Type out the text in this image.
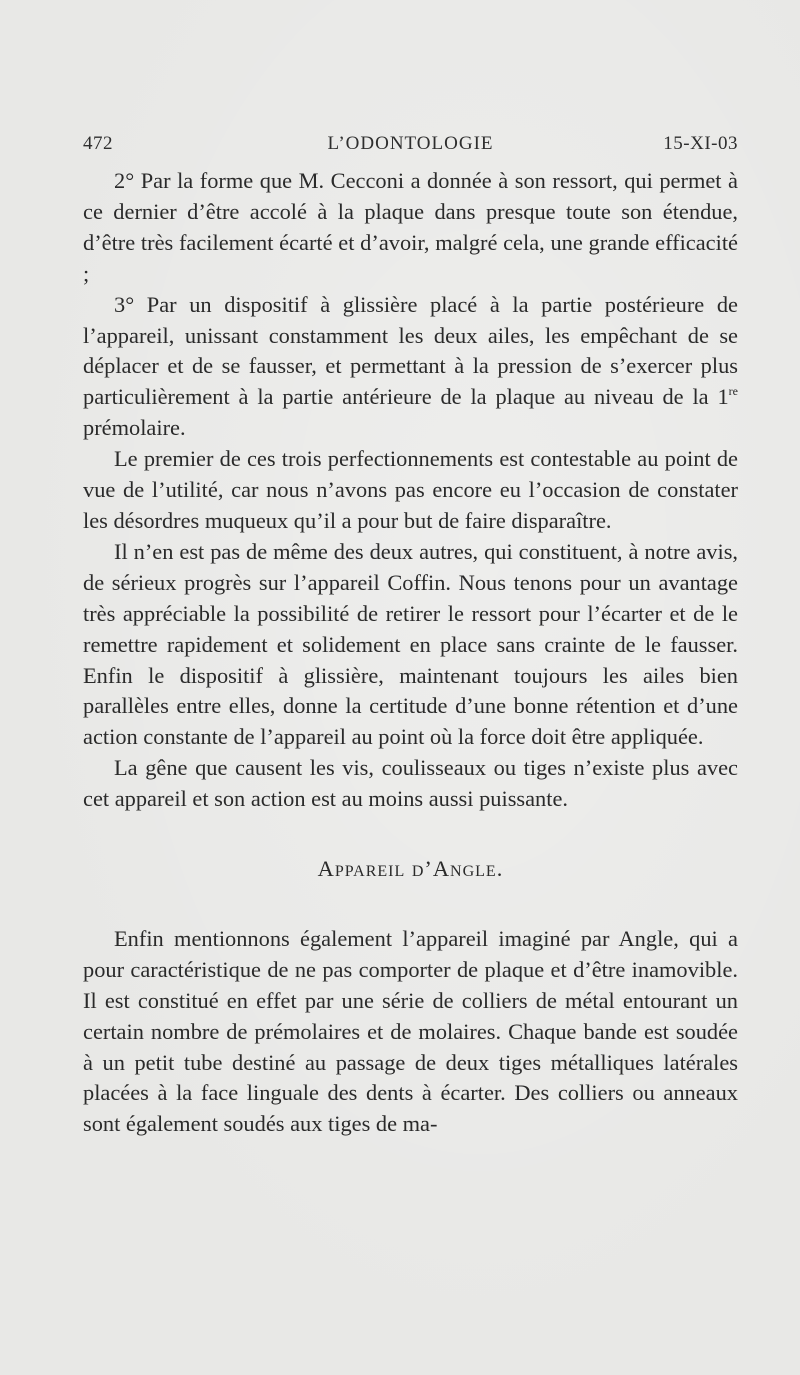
472	L’ODONTOLOGIE	15-XI-03

2° Par la forme que M. Cecconi a donnée à son ressort, qui permet à ce dernier d’être accolé à la plaque dans presque toute son étendue, d’être très facilement écarté et d’avoir, malgré cela, une grande efficacité ;

3° Par un dispositif à glissière placé à la partie postérieure de l’appareil, unissant constamment les deux ailes, les empêchant de se déplacer et de se fausser, et permettant à la pression de s’exercer plus particulièrement à la partie antérieure de la plaque au niveau de la 1re prémolaire.

Le premier de ces trois perfectionnements est contestable au point de vue de l’utilité, car nous n’avons pas encore eu l’occasion de constater les désordres muqueux qu’il a pour but de faire disparaître.

Il n’en est pas de même des deux autres, qui constituent, à notre avis, de sérieux progrès sur l’appareil Coffin. Nous tenons pour un avantage très appréciable la possibilité de retirer le ressort pour l’écarter et de le remettre rapidement et solidement en place sans crainte de le fausser. Enfin le dispositif à glissière, maintenant toujours les ailes bien parallèles entre elles, donne la certitude d’une bonne rétention et d’une action constante de l’appareil au point où la force doit être appliquée.

La gêne que causent les vis, coulisseaux ou tiges n’existe plus avec cet appareil et son action est au moins aussi puissante.

Appareil d’Angle.

Enfin mentionnons également l’appareil imaginé par Angle, qui a pour caractéristique de ne pas comporter de plaque et d’être inamovible. Il est constitué en effet par une série de colliers de métal entourant un certain nombre de prémolaires et de molaires. Chaque bande est soudée à un petit tube destiné au passage de deux tiges métalliques latérales placées à la face linguale des dents à écarter. Des colliers ou anneaux sont également soudés aux tiges de ma-
